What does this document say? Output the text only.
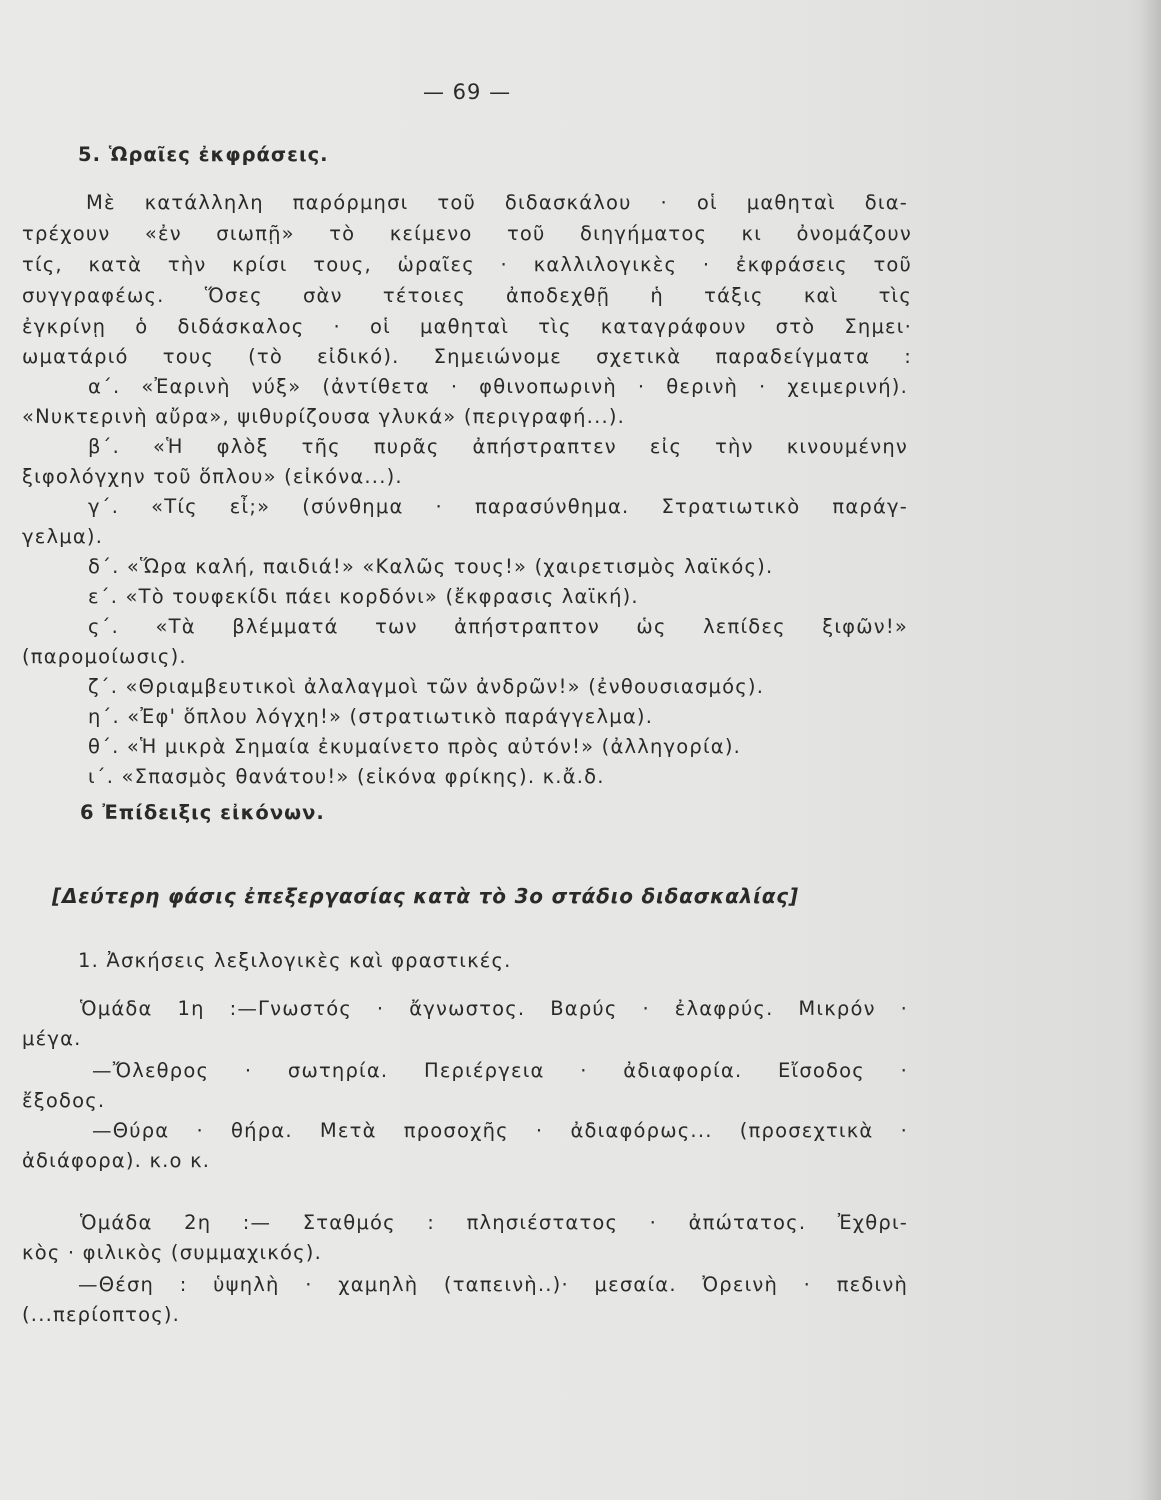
— 69 —
5. Ὡραῖες ἐκφράσεις.
Μὲ κατάλληλη παρόρμησι τοῦ διδασκάλου · οἱ μαθηταὶ δια-
τρέχουν «ἐν σιωπῇ» τὸ κείμενο τοῦ διηγήματος κι ὀνομάζουν
τίς, κατὰ τὴν κρίσι τους, ὡραῖες · καλλιλογικὲς · ἐκφράσεις τοῦ
συγγραφέως. Ὅσες σὰν τέτοιες ἀποδεχθῇ ἡ τάξις καὶ τὶς
ἐγκρίνῃ ὁ διδάσκαλος · οἱ μαθηταὶ τὶς καταγράφουν στὸ Σημει·
ωματάριό τους (τὸ εἰδικό). Σημειώνομε σχετικὰ παραδείγματα :
α΄. «Ἐαρινὴ νύξ» (ἀντίθετα · φθινοπωρινὴ · θερινὴ · χειμερινή).
«Νυκτερινὴ αὔρα», ψιθυρίζουσα γλυκά» (περιγραφή...).
β΄. «Ἡ φλὸξ τῆς πυρᾶς ἀπήστραπτεν εἰς τὴν κινουμένην
ξιφολόγχην τοῦ ὅπλου» (εἰκόνα...).
γ΄. «Τίς εἶ;» (σύνθημα · παρασύνθημα. Στρατιωτικὸ παράγ-
γελμα).
δ΄. «Ὥρα καλή, παιδιά!» «Καλῶς τους!» (χαιρετισμὸς λαϊκός).
ε΄. «Τὸ τουφεκίδι πάει κορδόνι» (ἔκφρασις λαϊκή).
ς΄. «Τὰ βλέμματά των ἀπήστραπτον ὡς λεπίδες ξιφῶν!»
(παρομοίωσις).
ζ΄. «Θριαμβευτικοὶ ἀλαλαγμοὶ τῶν ἀνδρῶν!» (ἐνθουσιασμός).
η΄. «Ἐφ' ὅπλου λόγχη!» (στρατιωτικὸ παράγγελμα).
θ΄. «Ἡ μικρὰ Σημαία ἐκυμαίνετο πρὸς αὐτόν!» (ἀλληγορία).
ι΄. «Σπασμὸς θανάτου!» (εἰκόνα φρίκης). κ.ἄ.δ.
6 Ἐπίδειξις εἰκόνων.
[Δεύτερη φάσις ἐπεξεργασίας κατὰ τὸ 3ο στάδιο διδασκαλίας]
1. Ἀσκήσεις λεξιλογικὲς καὶ φραστικές.
Ὁμάδα 1η :—Γνωστός · ἄγνωστος. Βαρύς · ἐλαφρύς. Μικρόν ·
μέγα.
—Ὄλεθρος · σωτηρία. Περιέργεια · ἀδιαφορία. Εἴσοδος ·
ἔξοδος.
—Θύρα · θήρα. Μετὰ προσοχῆς · ἀδιαφόρως... (προσεχτικὰ ·
ἀδιάφορα). κ.ο κ.
Ὁμάδα 2η :— Σταθμός : πλησιέστατος · ἀπώτατος. Ἐχθρι-
κὸς · φιλικὸς (συμμαχικός).
—Θέση : ὑψηλὴ · χαμηλὴ (ταπεινὴ..)· μεσαία. Ὀρεινὴ · πεδινὴ
(...περίοπτος).
